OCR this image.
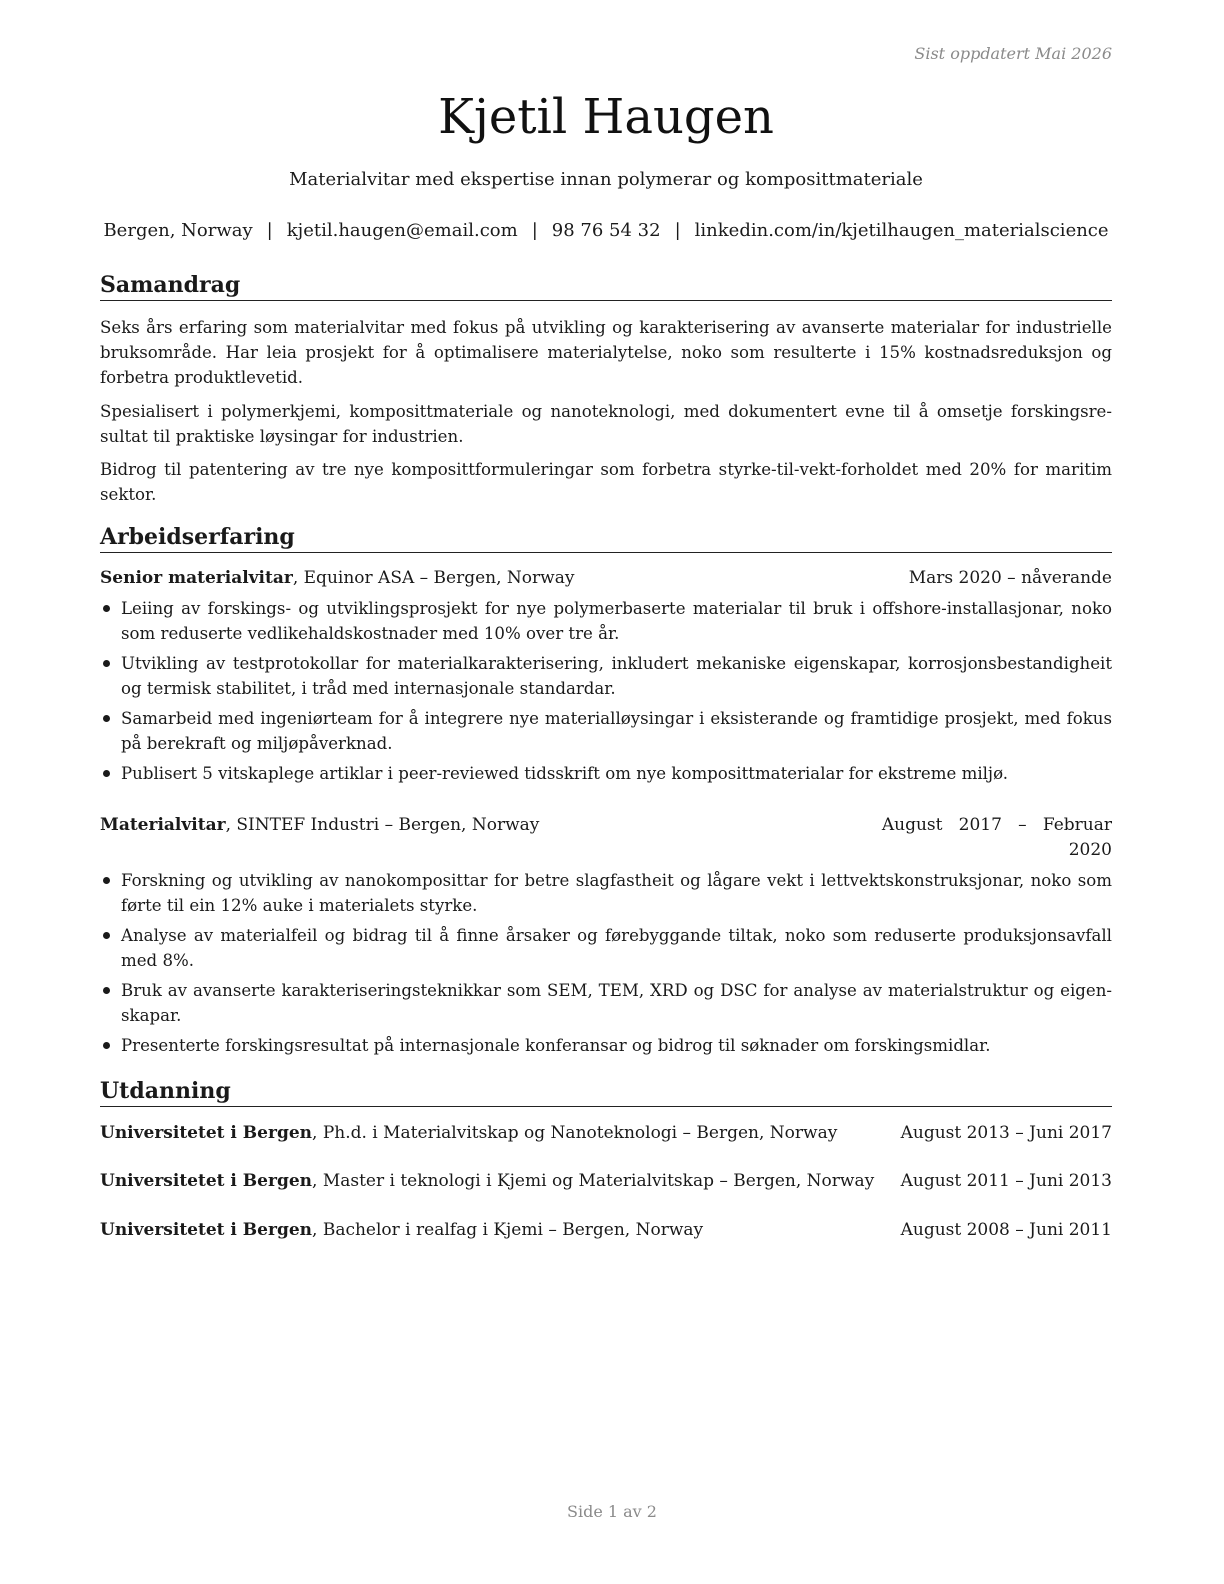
Sist oppdatert Mai 2026
Kjetil Haugen
Materialvitar med ekspertise innan polymerar og komposittmateriale
Bergen, Norway | kjetil.haugen@email.com | 98 76 54 32 | linkedin.com/in/kjetilhaugen_materialscience
Samandrag
Seks års erfaring som materialvitar med fokus på utvikling og karakterisering av avanserte materialar for industrielle bruksområde. Har leia prosjekt for å optimalisere materialytelse, noko som resulterte i 15% kostnadsreduksjon og forbetra produktlevetid.
Spesialisert i polymerkjemi, komposittmateriale og nanoteknologi, med dokumentert evne til å omsetje forskingsresultat til praktiske løysingar for industrien.
Bidrog til patentering av tre nye komposittformuleringar som forbetra styrke-til-vekt-forholdet med 20% for maritim sektor.
Arbeidserfaring
Senior materialvitar, Equinor ASA – Bergen, Norway	Mars 2020 – nåverande
Leiing av forskings- og utviklingsprosjekt for nye polymerbaserte materialar til bruk i offshore-installasjonar, noko som reduserte vedlikehaldskostnader med 10% over tre år.
Utvikling av testprotokollar for materialkarakterisering, inkludert mekaniske eigenskapar, korrosjonsbestandigheit og termisk stabilitet, i tråd med internasjonale standardar.
Samarbeid med ingeniørteam for å integrere nye materialløysingar i eksisterande og framtidige prosjekt, med fokus på berekraft og miljøpåverknad.
Publisert 5 vitskaplege artiklar i peer-reviewed tidsskrift om nye komposittmaterialar for ekstreme miljø.
Materialvitar, SINTEF Industri – Bergen, Norway	August   2017   –   Februar
2020
Forskning og utvikling av nanokomposittar for betre slagfastheit og lågare vekt i lettvektskonstruksjonar, noko som førte til ein 12% auke i materialets styrke.
Analyse av materialfeil og bidrag til å finne årsaker og førebyggande tiltak, noko som reduserte produksjonsavfall med 8%.
Bruk av avanserte karakteriseringsteknikkar som SEM, TEM, XRD og DSC for analyse av materialstruktur og eigenskapar.
Presenterte forskingsresultat på internasjonale konferansar og bidrog til søknader om forskingsmidlar.
Utdanning
Universitetet i Bergen, Ph.d. i Materialvitskap og Nanoteknologi – Bergen, Norway	August 2013 – Juni 2017
Universitetet i Bergen, Master i teknologi i Kjemi og Materialvitskap – Bergen, Norway August 2011 – Juni 2013
Universitetet i Bergen, Bachelor i realfag i Kjemi – Bergen, Norway	August 2008 – Juni 2011
Side 1 av 2
